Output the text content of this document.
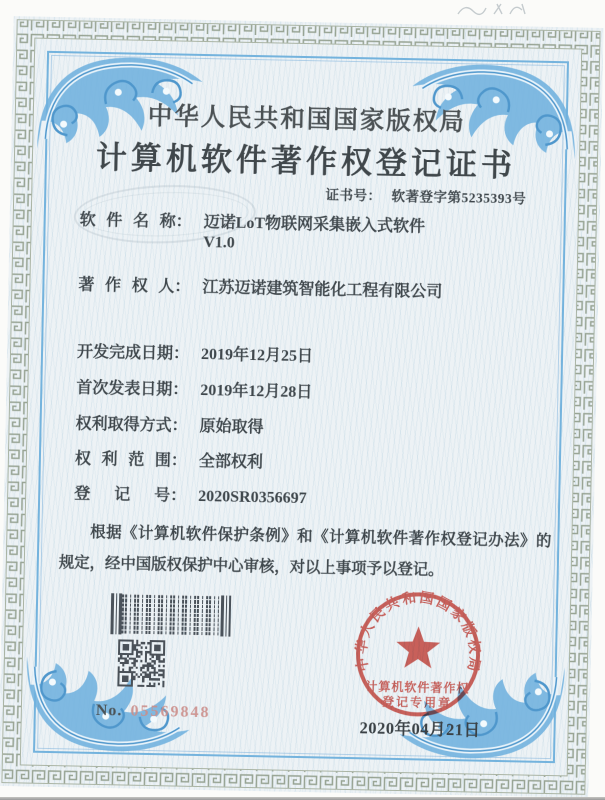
中华人民共和国国家版权局
计算机软件著作权登记证书
证书号： 软著登字第5235393号
软件名称： 迈诺LoT物联网采集嵌入式软件
V1.0
著作权人： 江苏迈诺建筑智能化工程有限公司
开发完成日期： 2019年12月25日
首次发表日期： 2019年12月28日
权利取得方式： 原始取得
权利范围： 全部权利
登记号： 2020SR0356697
根据《计算机软件保护条例》和《计算机软件著作权登记办法》的规定，经中国版权保护中心审核，对以上事项予以登记。
No. 05569848
中华人民共和国国家版权局
计算机软件著作权
登记专用章
2020年04月21日
